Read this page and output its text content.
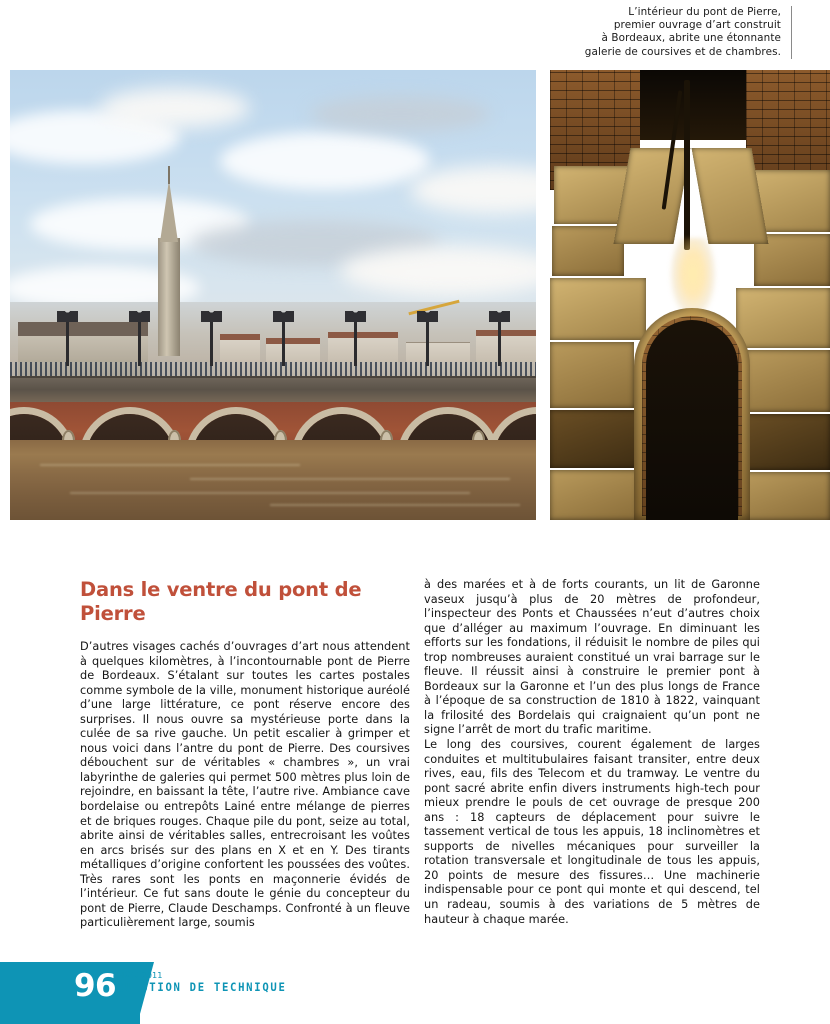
L’intérieur du pont de Pierre,
premier ouvrage d’art construit
à Bordeaux, abrite une étonnante
galerie de coursives et de chambres.
Dans le ventre du pont de Pierre

D’autres visages cachés d’ouvrages d’art nous attendent à quelques kilomètres, à l’incontournable pont de Pierre de Bordeaux. S’étalant sur toutes les cartes postales comme symbole de la ville, monument historique auréolé d’une large littérature, ce pont réserve encore des surprises. Il nous ouvre sa mystérieuse porte dans la culée de sa rive gauche. Un petit escalier à grimper et nous voici dans l’antre du pont de Pierre. Des coursives débouchent sur de véritables « chambres », un vrai labyrinthe de galeries qui permet 500 mètres plus loin de rejoindre, en baissant la tête, l’autre rive. Ambiance cave bordelaise ou entrepôts Lainé entre mélange de pierres et de briques rouges. Chaque pile du pont, seize au total, abrite ainsi de véritables salles, entrecroisant les voûtes en arcs brisés sur des plans en X et en Y. Des tirants métalliques d’origine confortent les poussées des voûtes. Très rares sont les ponts en maçonnerie évidés de l’intérieur. Ce fut sans doute le génie du concepteur du pont de Pierre, Claude Deschamps. Confronté à un fleuve particulièrement large, soumis

à des marées et à de forts courants, un lit de Garonne vaseux jusqu’à plus de 20 mètres de profondeur, l’inspecteur des Ponts et Chaussées n’eut d’autres choix que d’alléger au maximum l’ouvrage. En diminuant les efforts sur les fondations, il réduisit le nombre de piles qui trop nombreuses auraient constitué un vrai barrage sur le fleuve. Il réussit ainsi à construire le premier pont à Bordeaux sur la Garonne et l’un des plus longs de France à l’époque de sa construction de 1810 à 1822, vainquant la frilosité des Bordelais qui craignaient qu’un pont ne signe l’arrêt de mort du trafic maritime.

Le long des coursives, courent également de larges conduites et multitubulaires faisant transiter, entre deux rives, eau, fils des Telecom et du tramway. Le ventre du pont sacré abrite enfin divers instruments high-tech pour mieux prendre le pouls de cet ouvrage de presque 200 ans : 18 capteurs de déplacement pour suivre le tassement vertical de tous les appuis, 18 inclinomètres et supports de nivelles mécaniques pour surveiller la rotation transversale et longitudinale de tous les appuis, 20 points de mesure des fissures… Une machinerie indispensable pour ce pont qui monte et qui descend, tel un radeau, soumis à des variations de 5 mètres de hauteur à chaque marée.

96 H2O 2011
QUESTION DE TECHNIQUE
